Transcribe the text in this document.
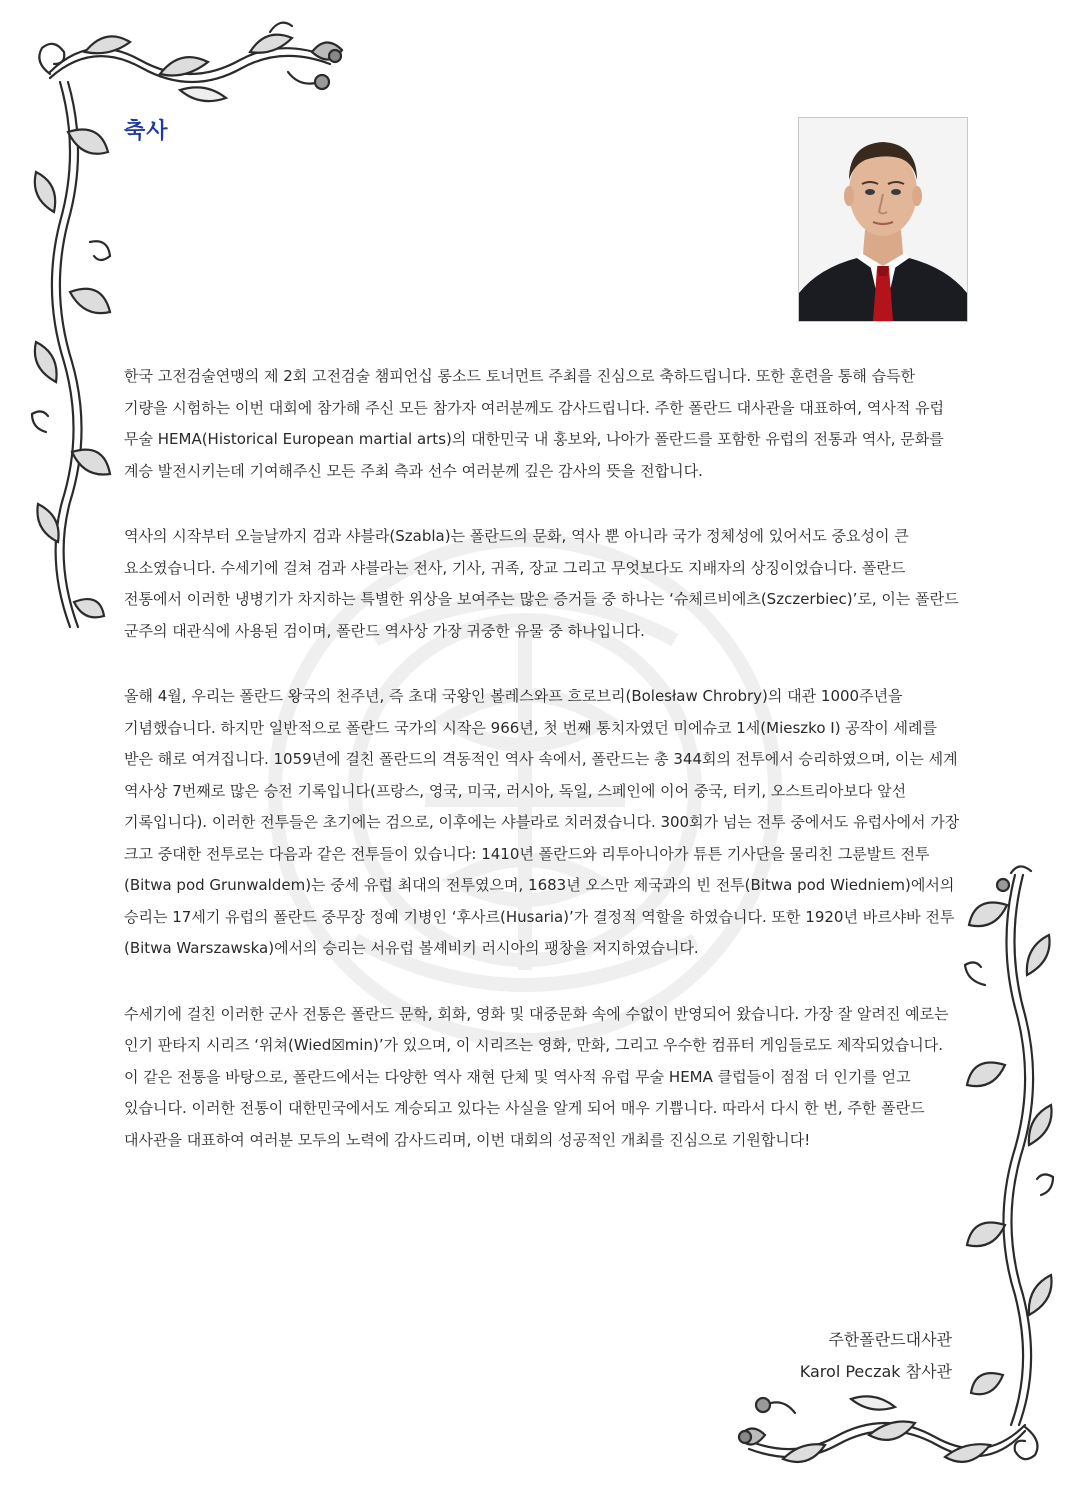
축사

한국 고전검술연맹의 제 2회 고전검술 챔피언십 롱소드 토너먼트 주최를 진심으로 축하드립니다. 또한 훈련을 통해 습득한 기량을 시험하는 이번 대회에 참가해 주신 모든 참가자 여러분께도 감사드립니다. 주한 폴란드 대사관을 대표하여, 역사적 유럽 무술 HEMA(Historical European martial arts)의 대한민국 내 홍보와, 나아가 폴란드를 포함한 유럽의 전통과 역사, 문화를 계승 발전시키는데 기여해주신 모든 주최 측과 선수 여러분께 깊은 감사의 뜻을 전합니다.

역사의 시작부터 오늘날까지 검과 샤블라(Szabla)는 폴란드의 문화, 역사 뿐 아니라 국가 정체성에 있어서도 중요성이 큰 요소였습니다. 수세기에 걸쳐 검과 샤블라는 전사, 기사, 귀족, 장교 그리고 무엇보다도 지배자의 상징이었습니다. 폴란드 전통에서 이러한 냉병기가 차지하는 특별한 위상을 보여주는 많은 증거들 중 하나는 ‘슈체르비에츠(Szczerbiec)’로, 이는 폴란드 군주의 대관식에 사용된 검이며, 폴란드 역사상 가장 귀중한 유물 중 하나입니다.

올해 4월, 우리는 폴란드 왕국의 천주년, 즉 초대 국왕인 볼레스와프 흐로브리(Bolesław Chrobry)의 대관 1000주년을 기념했습니다. 하지만 일반적으로 폴란드 국가의 시작은 966년, 첫 번째 통치자였던 미에슈코 1세(Mieszko I) 공작이 세례를 받은 해로 여겨집니다. 1059년에 걸친 폴란드의 격동적인 역사 속에서, 폴란드는 총 344회의 전투에서 승리하였으며, 이는 세계 역사상 7번째로 많은 승전 기록입니다(프랑스, 영국, 미국, 러시아, 독일, 스페인에 이어 중국, 터키, 오스트리아보다 앞선 기록입니다). 이러한 전투들은 초기에는 검으로, 이후에는 샤블라로 치러졌습니다. 300회가 넘는 전투 중에서도 유럽사에서 가장 크고 중대한 전투로는 다음과 같은 전투들이 있습니다: 1410년 폴란드와 리투아니아가 튜튼 기사단을 물리친 그룬발트 전투(Bitwa pod Grunwaldem)는 중세 유럽 최대의 전투였으며, 1683년 오스만 제국과의 빈 전투(Bitwa pod Wiedniem)에서의 승리는 17세기 유럽의 폴란드 중무장 정예 기병인 ‘후사르(Husaria)’가 결정적 역할을 하였습니다. 또한 1920년 바르샤바 전투(Bitwa Warszawska)에서의 승리는 서유럽 볼셰비키 러시아의 팽창을 저지하였습니다.

수세기에 걸친 이러한 군사 전통은 폴란드 문학, 회화, 영화 및 대중문화 속에 수없이 반영되어 왔습니다. 가장 잘 알려진 예로는 인기 판타지 시리즈 ‘위쳐(Wied☒min)’가 있으며, 이 시리즈는 영화, 만화, 그리고 우수한 컴퓨터 게임들로도 제작되었습니다. 이 같은 전통을 바탕으로, 폴란드에서는 다양한 역사 재현 단체 및 역사적 유럽 무술 HEMA 클럽들이 점점 더 인기를 얻고 있습니다. 이러한 전통이 대한민국에서도 계승되고 있다는 사실을 알게 되어 매우 기쁩니다. 따라서 다시 한 번, 주한 폴란드 대사관을 대표하여 여러분 모두의 노력에 감사드리며, 이번 대회의 성공적인 개최를 진심으로 기원합니다!

주한폴란드대사관
Karol Peczak 참사관
